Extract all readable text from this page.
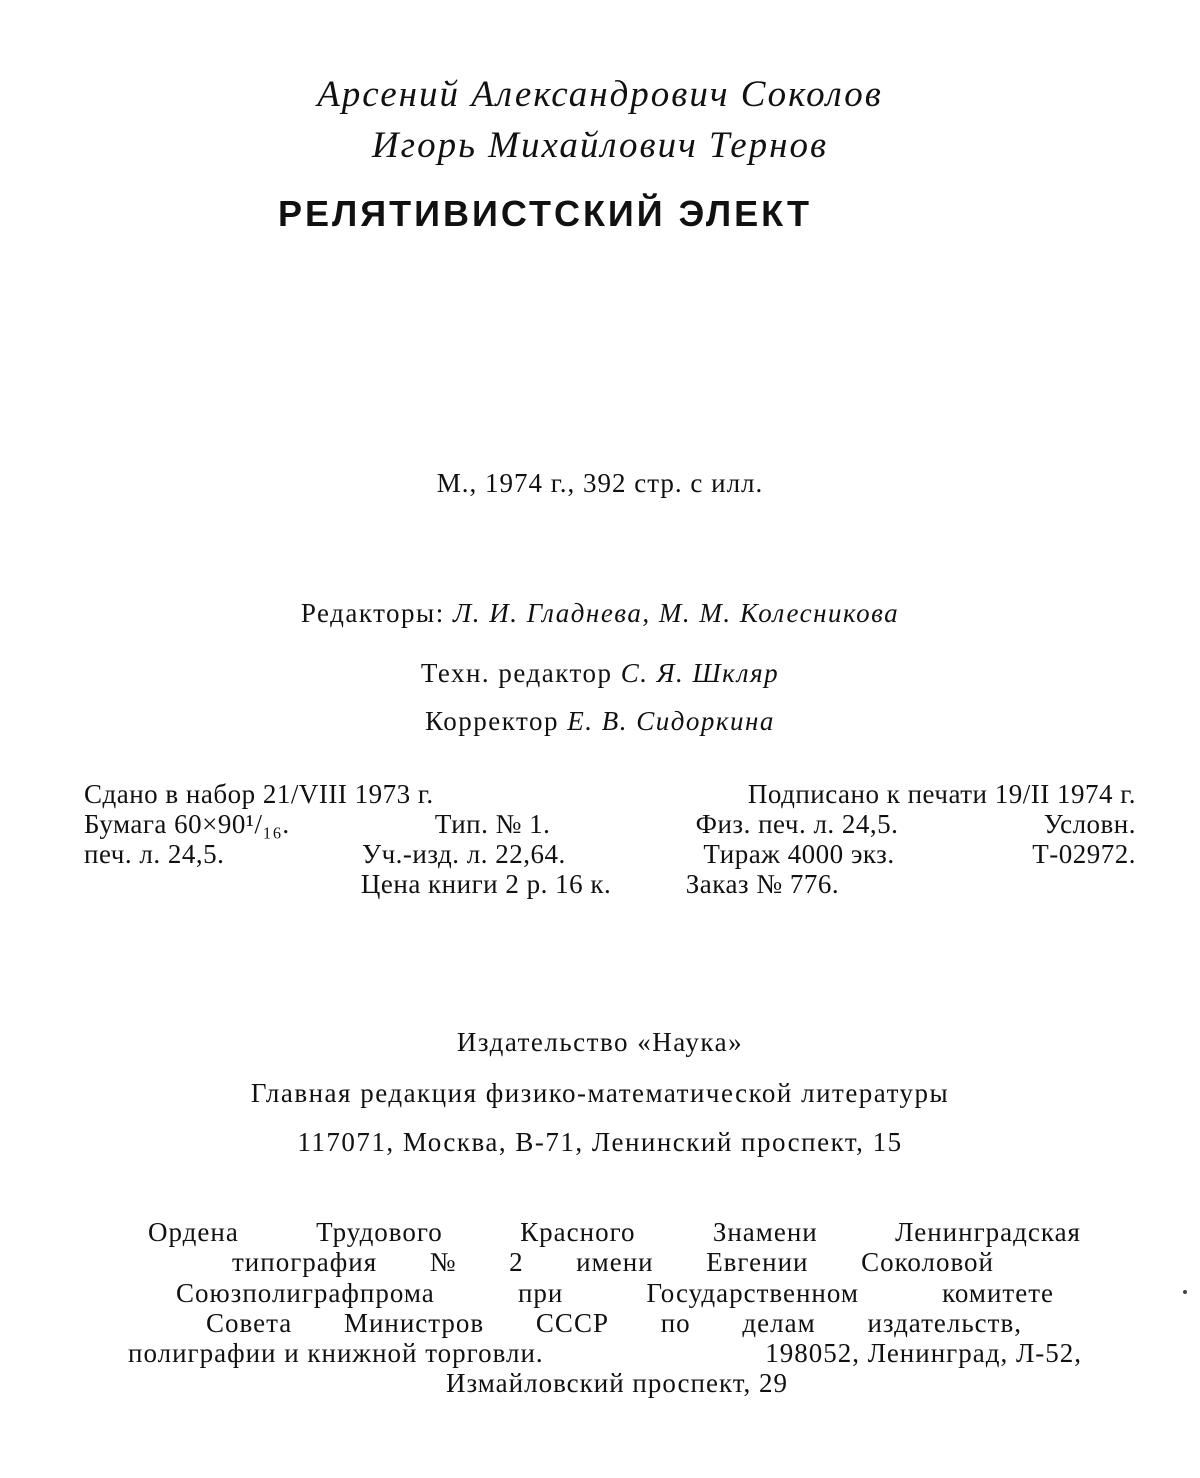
Арсений Александрович Соколов
Игорь Михайлович Тернов
РЕЛЯТИВИСТСКИЙ ЭЛЕКТ
М., 1974 г., 392 стр. с илл.
Редакторы: Л. И. Гладнева, М. М. Колесникова
Техн. редактор С. Я. Шкляр
Корректор Е. В. Сидоркина
Сдано в набор 21/VIII 1973 г.	Подписано к печати 19/II 1974 г.
Бумага 60×90¹/₁₆.	Тип. № 1.	Физ. печ. л. 24,5.	Условн.
печ. л. 24,5.	Уч.-изд. л. 22,64.	Тираж 4000 экз.	Т-02972.
Цена книги 2 р. 16 к.	Заказ № 776.
Издательство «Наука»
Главная редакция физико-математической литературы
117071, Москва, В-71, Ленинский проспект, 15
Ордена	Трудового	Красного	Знамени	Ленинградская
типография № 2 имени Евгении Соколовой
Союзполиграфпрома	при	Государственном	комитете
Совета Министров СССР по делам издательств,
полиграфии и книжной торговли.	198052, Ленинград, Л-52,
Измайловский проспект, 29
